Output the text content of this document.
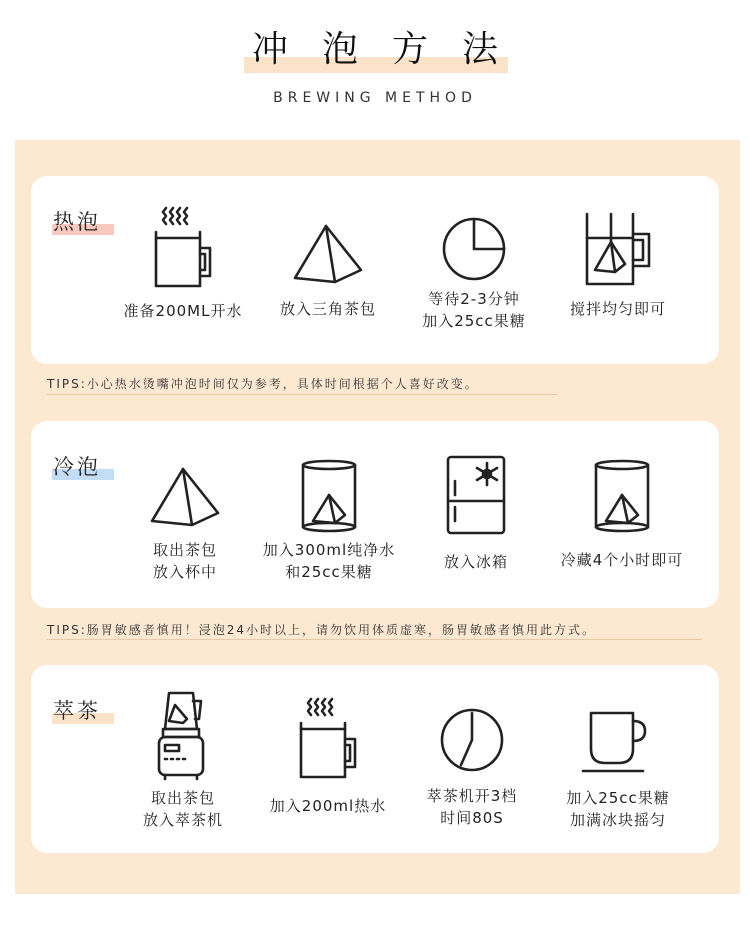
冲泡方法
BREWING METHOD
热泡
准备200ML开水	放入三角茶包
等待2-3分钟
加入25cc果糖
搅拌均匀即可
TIPS:小心热水烫嘴冲泡时间仅为参考，具体时间根据个人喜好改变。
冷泡
取出茶包
放入杯中
加入300ml纯净水
和25cc果糖
放入冰箱	冷藏4个小时即可
TIPS:肠胃敏感者慎用！浸泡24小时以上，请勿饮用体质虚寒，肠胃敏感者慎用此方式。
萃茶
取出茶包
放入萃茶机
加入200ml热水
萃茶机开3档
时间80S
加入25cc果糖
加满冰块摇匀
